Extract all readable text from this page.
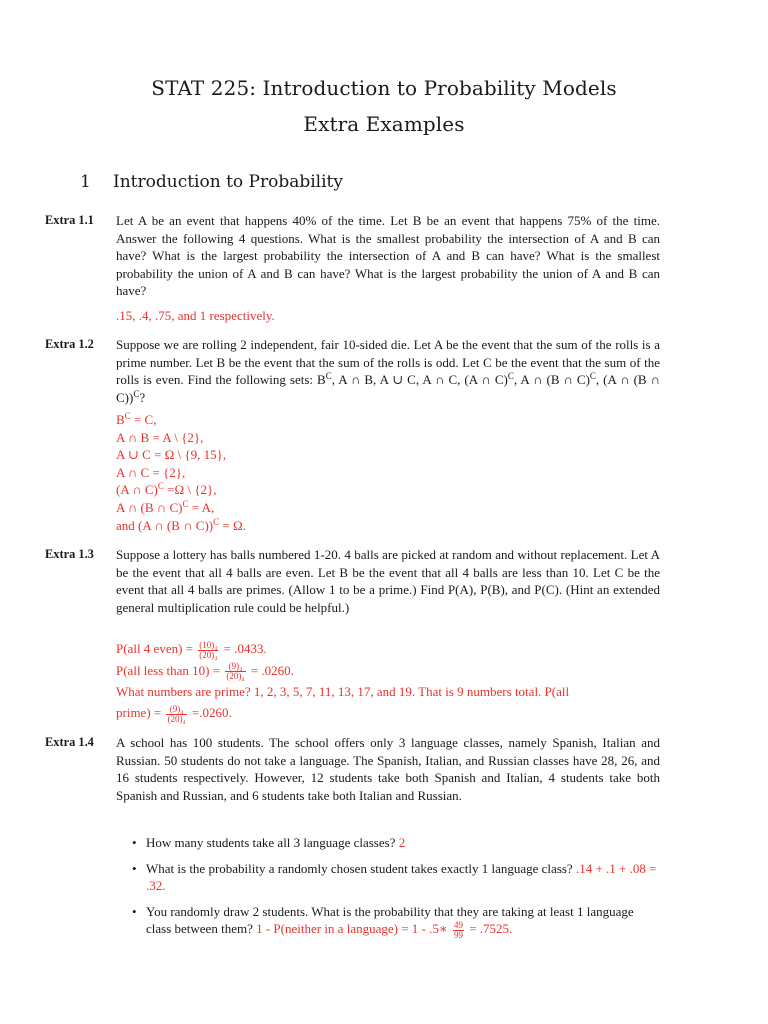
STAT 225: Introduction to Probability Models
Extra Examples
1 Introduction to Probability
Extra 1.1 Let A be an event that happens 40% of the time. Let B be an event that happens 75% of the time. Answer the following 4 questions. What is the smallest probability the intersection of A and B can have? What is the largest probability the intersection of A and B can have? What is the smallest probability the union of A and B can have? What is the largest probability the union of A and B can have?
.15, .4, .75, and 1 respectively.
Extra 1.2 Suppose we are rolling 2 independent, fair 10-sided die. Let A be the event that the sum of the rolls is a prime number. Let B be the event that the sum of the rolls is odd. Let C be the event that the sum of the rolls is even. Find the following sets: $B^C$, A ∩ B, A ∪ C, A ∩ C, (A ∩ C)$^C$, A ∩ (B ∩ C)$^C$, (A ∩ (B ∩ C))$^C$?
$B^C = C$,
A ∩ B = A \ {2},
A ∪ C = Ω \ {9, 15},
A ∩ C = {2},
(A ∩ C)$^C$ =Ω \ {2},
A ∩ (B ∩ C)$^C$ = A,
and (A ∩ (B ∩ C))$^C$ = Ω.
Extra 1.3 Suppose a lottery has balls numbered 1-20. 4 balls are picked at random and without replacement. Let A be the event that all 4 balls are even. Let B be the event that all 4 balls are less than 10. Let C be the event that all 4 balls are primes. (Allow 1 to be a prime.) Find P(A), P(B), and P(C). (Hint an extended general multiplication rule could be helpful.)
P(all 4 even) = $\frac{\text{(10)₄}}{\text{(20)₄}} = .0433$.
P(all less than $10) = \frac{\text{(9)₄}}{\text{(20)₄}} = .0260$.
What numbers are prime? 1, 2, 3, 5, 7, 11, 13, 17, and 19. That is 9 numbers total. P(all
prime) = $\frac{\text{(9)₄}}{\text{(20)₄}} =.0260$.
Extra 1.4 A school has 100 students. The school offers only 3 language classes, namely Spanish, Italian and Russian. 50 students do not take a language. The Spanish, Italian, and Russian classes have 28, 26, and 16 students respectively. However, 12 students take both Spanish and Italian, 4 students take both Spanish and Russian, and 6 students take both Italian and Russian.
• How many students take all 3 language classes? 2
• What is the probability a randomly chosen student takes exactly 1 language class? .14 + .1 + .08 = .32.
• You randomly draw 2 students. What is the probability that they are taking at least 1 language class between them? 1 - P(neither in a language) = 1 - .5∗ $\frac{49}{99} = .7525$.
